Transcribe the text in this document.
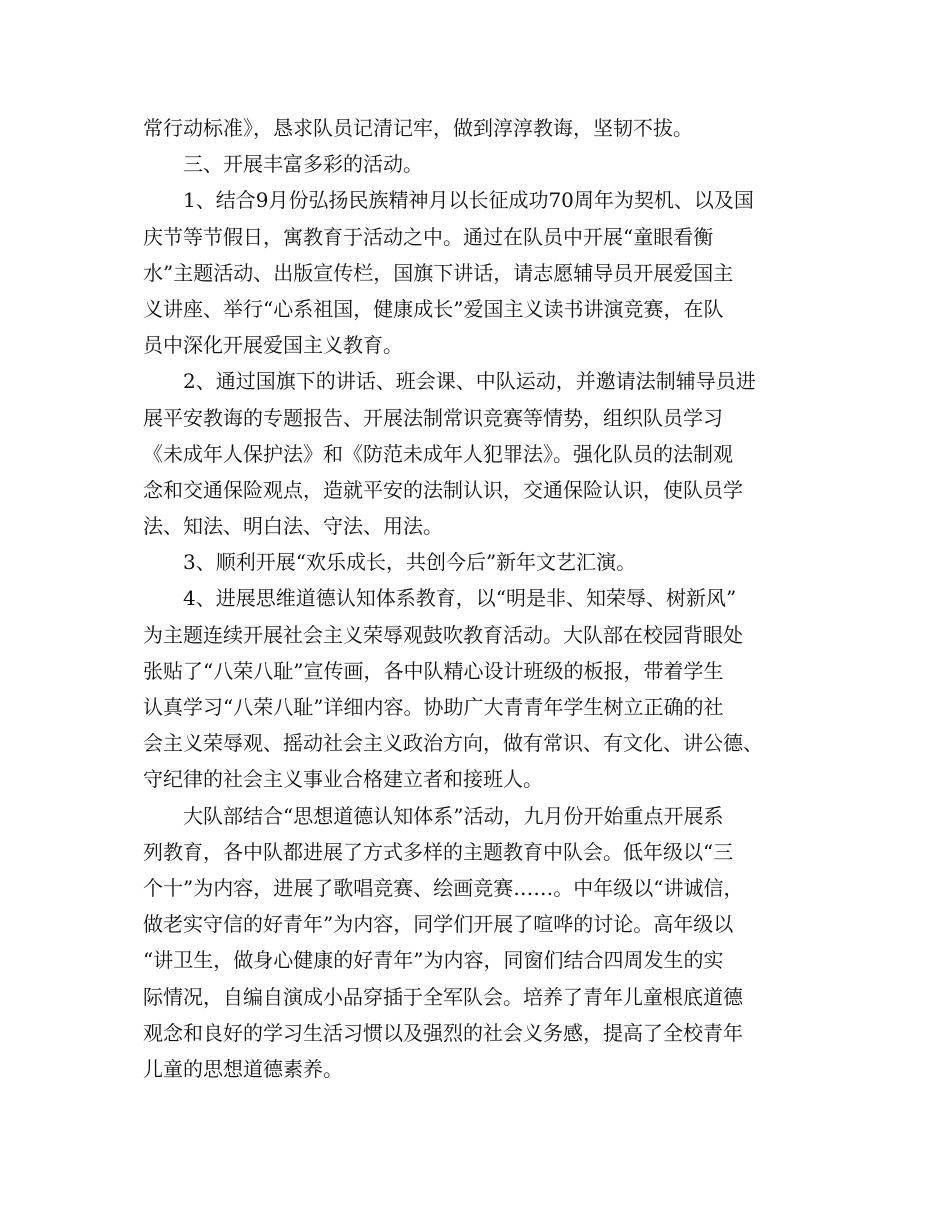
常行动标准》，恳求队员记清记牢，做到淳淳教诲，坚韧不拔。
三、开展丰富多彩的活动。
1、结合9月份弘扬民族精神月以长征成功70周年为契机、以及国
庆节等节假日，寓教育于活动之中。通过在队员中开展“童眼看衡
水”主题活动、出版宣传栏，国旗下讲话，请志愿辅导员开展爱国主
义讲座、举行“心系祖国，健康成长”爱国主义读书讲演竞赛，在队
员中深化开展爱国主义教育。
2、通过国旗下的讲话、班会课、中队运动，并邀请法制辅导员进
展平安教诲的专题报告、开展法制常识竞赛等情势，组织队员学习
《未成年人保护法》和《防范未成年人犯罪法》。强化队员的法制观
念和交通保险观点，造就平安的法制认识，交通保险认识，使队员学
法、知法、明白法、守法、用法。
3、顺利开展“欢乐成长，共创今后”新年文艺汇演。
4、进展思维道德认知体系教育，以“明是非、知荣辱、树新风”
为主题连续开展社会主义荣辱观鼓吹教育活动。大队部在校园背眼处
张贴了“八荣八耻”宣传画，各中队精心设计班级的板报，带着学生
认真学习“八荣八耻”详细内容。协助广大青青年学生树立正确的社
会主义荣辱观、摇动社会主义政治方向，做有常识、有文化、讲公德、
守纪律的社会主义事业合格建立者和接班人。
大队部结合“思想道德认知体系”活动，九月份开始重点开展系
列教育，各中队都进展了方式多样的主题教育中队会。低年级以“三
个十”为内容，进展了歌唱竞赛、绘画竞赛……。中年级以“讲诚信，
做老实守信的好青年”为内容，同学们开展了喧哗的讨论。高年级以
“讲卫生，做身心健康的好青年”为内容，同窗们结合四周发生的实
际情况，自编自演成小品穿插于全军队会。培养了青年儿童根底道德
观念和良好的学习生活习惯以及强烈的社会义务感，提高了全校青年
儿童的思想道德素养。
